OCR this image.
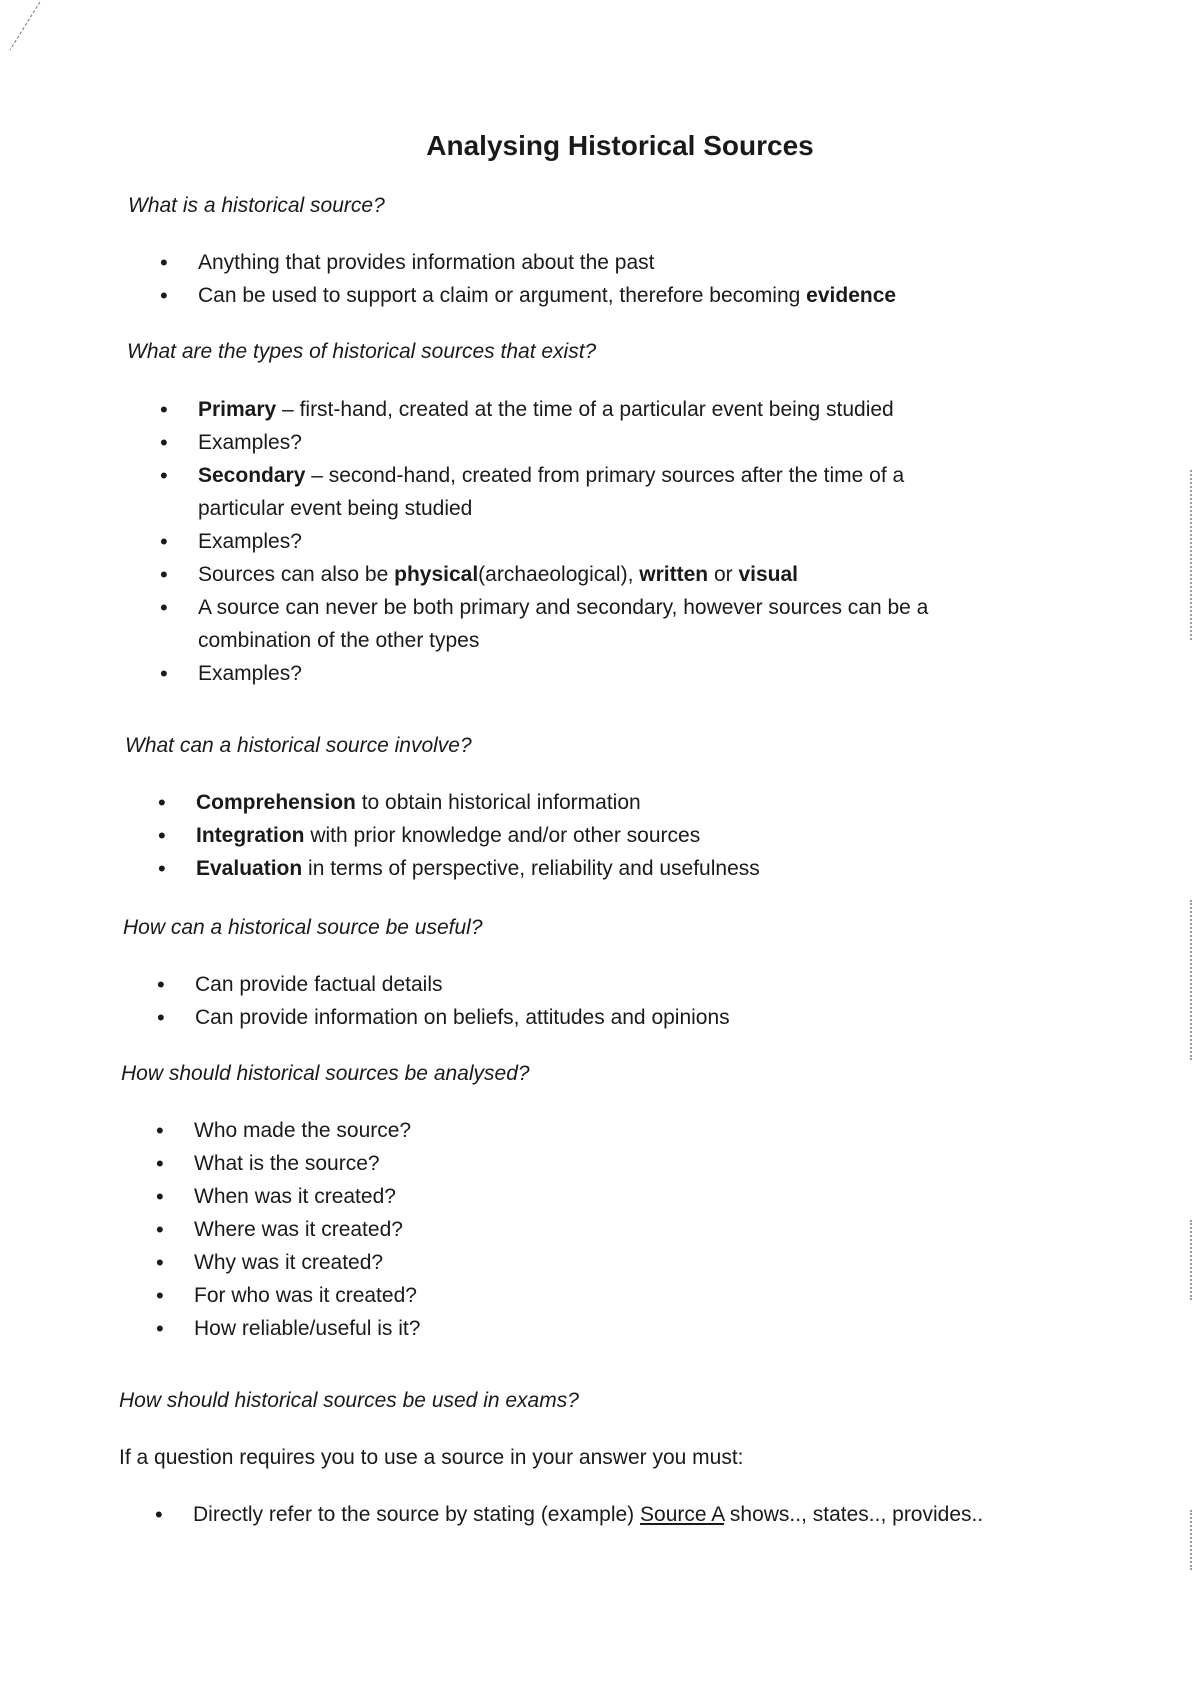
Analysing Historical Sources
What is a historical source?
• Anything that provides information about the past
• Can be used to support a claim or argument, therefore becoming evidence
What are the types of historical sources that exist?
• Primary – first-hand, created at the time of a particular event being studied
• Examples?
• Secondary – second-hand, created from primary sources after the time of a particular event being studied
• Examples?
• Sources can also be physical(archaeological), written or visual
• A source can never be both primary and secondary, however sources can be a combination of the other types
• Examples?
What can a historical source involve?
• Comprehension to obtain historical information
• Integration with prior knowledge and/or other sources
• Evaluation in terms of perspective, reliability and usefulness
How can a historical source be useful?
• Can provide factual details
• Can provide information on beliefs, attitudes and opinions
How should historical sources be analysed?
• Who made the source?
• What is the source?
• When was it created?
• Where was it created?
• Why was it created?
• For who was it created?
• How reliable/useful is it?
How should historical sources be used in exams?
If a question requires you to use a source in your answer you must:
• Directly refer to the source by stating (example) Source A shows.., states.., provides..
